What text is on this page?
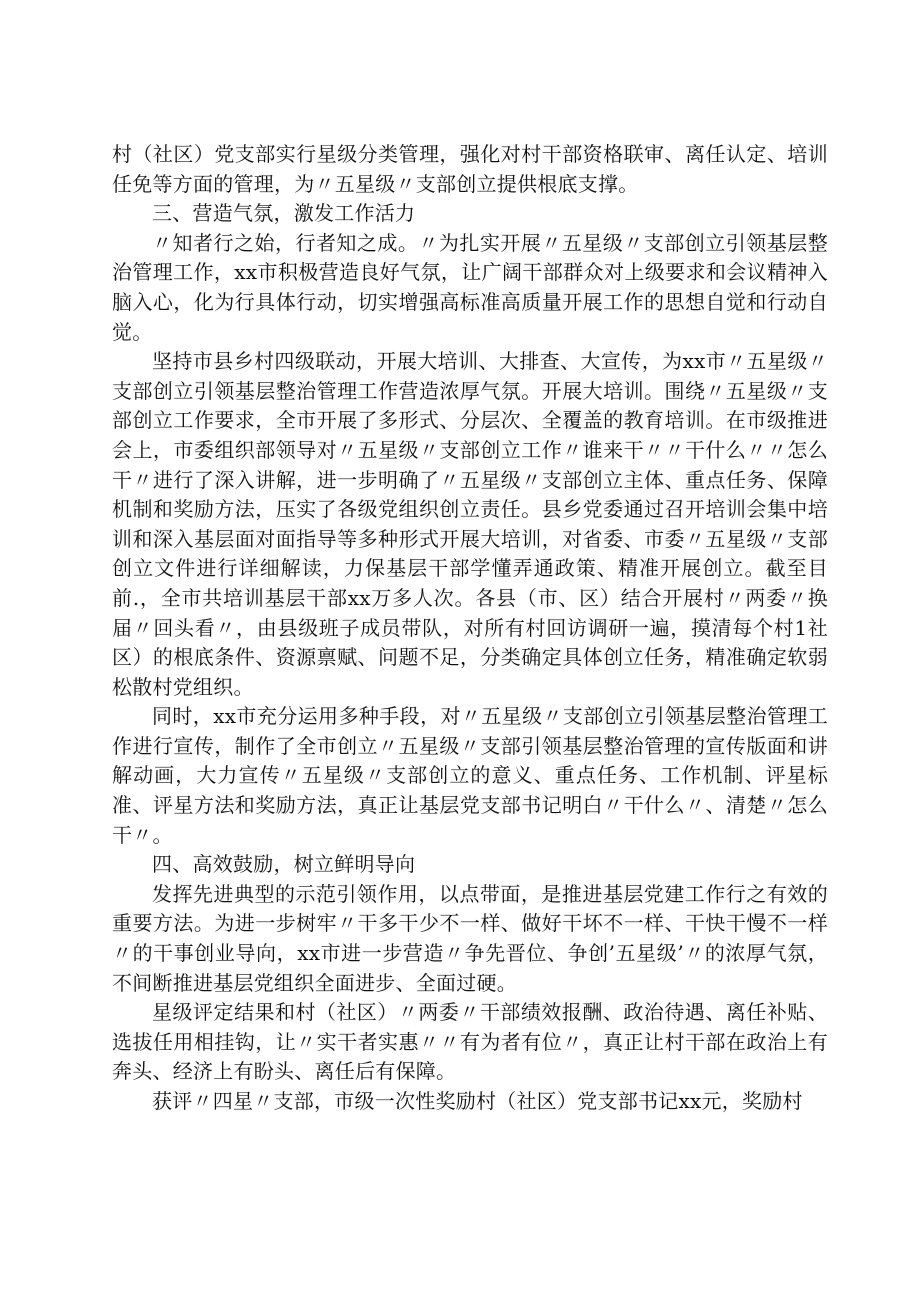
村（社区）党支部实行星级分类管理，强化对村干部资格联审、离任认定、培训任免等方面的管理，为〃五星级〃支部创立提供根底支撑。

三、营造气氛，激发工作活力

〃知者行之始，行者知之成。〃为扎实开展〃五星级〃支部创立引领基层整治管理工作，xx市积极营造良好气氛，让广阔干部群众对上级要求和会议精神入脑入心，化为行具体行动，切实增强高标准高质量开展工作的思想自觉和行动自觉。

坚持市县乡村四级联动，开展大培训、大排查、大宣传，为xx市〃五星级〃支部创立引领基层整治管理工作营造浓厚气氛。开展大培训。围绕〃五星级〃支部创立工作要求，全市开展了多形式、分层次、全覆盖的教育培训。在市级推进会上，市委组织部领导对〃五星级〃支部创立工作〃谁来干〃〃干什么〃〃怎么干〃进行了深入讲解，进一步明确了〃五星级〃支部创立主体、重点任务、保障机制和奖励方法，压实了各级党组织创立责任。县乡党委通过召开培训会集中培训和深入基层面对面指导等多种形式开展大培训，对省委、市委〃五星级〃支部创立文件进行详细解读，力保基层干部学懂弄通政策、精准开展创立。截至目前.，全市共培训基层干部xx万多人次。各县（市、区）结合开展村〃两委〃换届〃回头看〃，由县级班子成员带队，对所有村回访调研一遍，摸清每个村1社区）的根底条件、资源禀赋、问题不足，分类确定具体创立任务，精准确定软弱松散村党组织。

同时，xx市充分运用多种手段，对〃五星级〃支部创立引领基层整治管理工作进行宣传，制作了全市创立〃五星级〃支部引领基层整治管理的宣传版面和讲解动画，大力宣传〃五星级〃支部创立的意义、重点任务、工作机制、评星标准、评星方法和奖励方法，真正让基层党支部书记明白〃干什么〃、清楚〃怎么干〃。

四、高效鼓励，树立鲜明导向

发挥先进典型的示范引领作用，以点带面，是推进基层党建工作行之有效的重要方法。为进一步树牢〃干多干少不一样、做好干坏不一样、干快干慢不一样〃的干事创业导向，xx市进一步营造〃争先晋位、争创’五星级’〃的浓厚气氛，不间断推进基层党组织全面进步、全面过硬。

星级评定结果和村（社区）〃两委〃干部绩效报酬、政治待遇、离任补贴、选拔任用相挂钩，让〃实干者实惠〃〃有为者有位〃，真正让村干部在政治上有奔头、经济上有盼头、离任后有保障。

获评〃四星〃支部，市级一次性奖励村（社区）党支部书记xx元，奖励村
